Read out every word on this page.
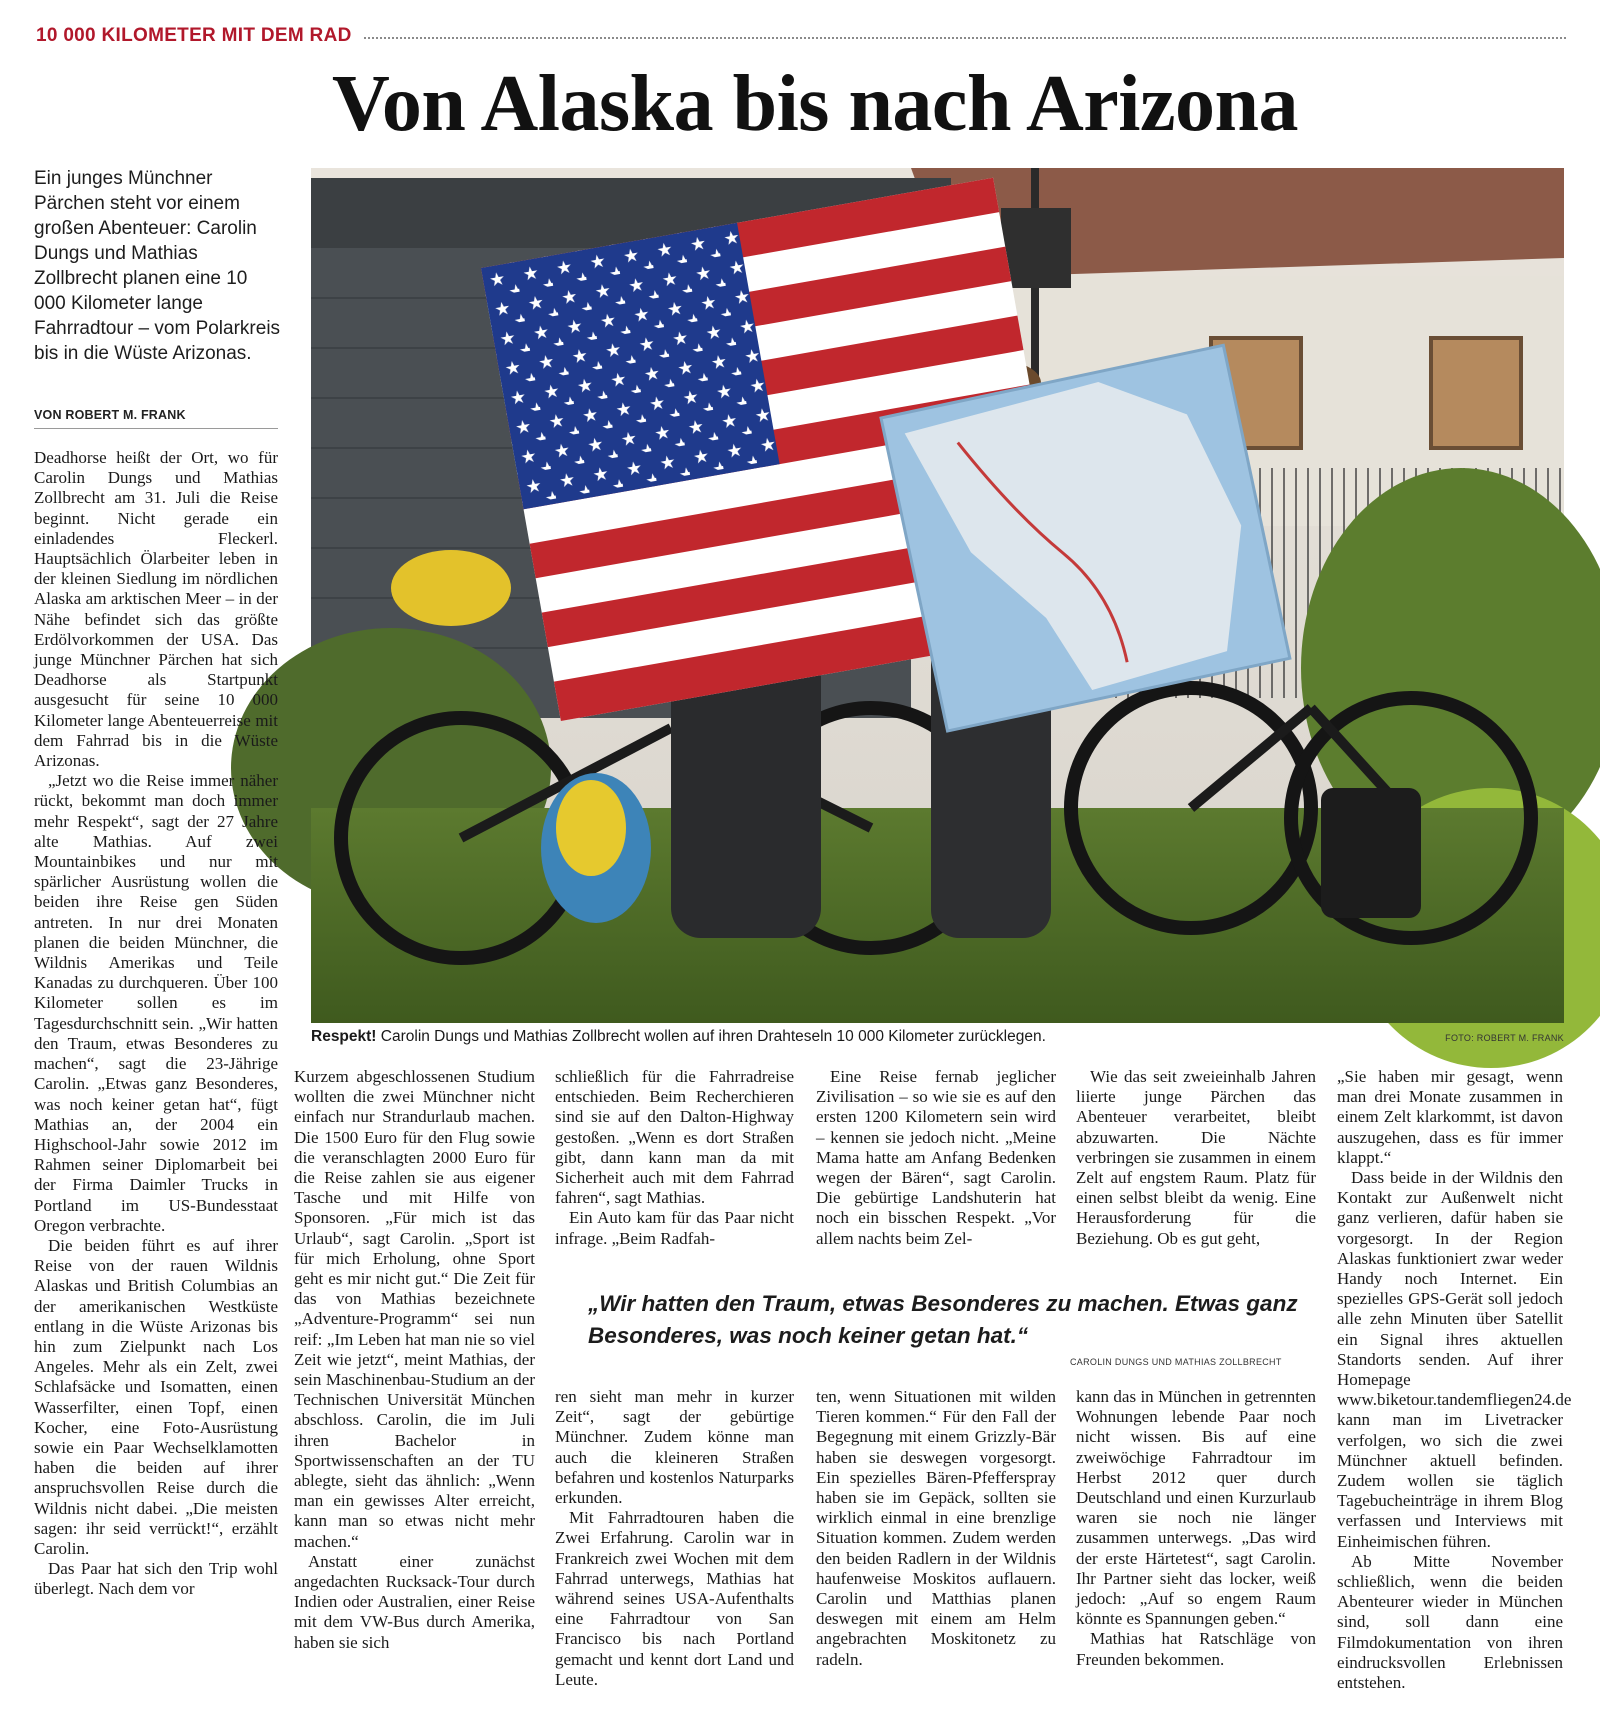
10 000 KILOMETER MIT DEM RAD
Von Alaska bis nach Arizona

Ein junges Münchner Pärchen steht vor einem großen Abenteuer: Carolin Dungs und Mathias Zollbrecht planen eine 10 000 Kilometer lange Fahrradtour – vom Polarkreis bis in die Wüste Arizonas.

VON ROBERT M. FRANK
Respekt! Carolin Dungs und Mathias Zollbrecht wollen auf ihren Drahteseln 10 000 Kilometer zurücklegen.	FOTO: ROBERT M. FRANK

Deadhorse heißt der Ort, wo für Carolin Dungs und Mathias Zollbrecht am 31. Juli die Reise beginnt. Nicht gerade ein einladendes Fleckerl. Hauptsächlich Ölarbeiter leben in der kleinen Siedlung im nördlichen Alaska am arktischen Meer – in der Nähe befindet sich das größte Erdölvorkommen der USA. Das junge Münchner Pärchen hat sich Deadhorse als Startpunkt ausgesucht für seine 10 000 Kilometer lange Abenteuerreise mit dem Fahrrad bis in die Wüste Arizonas.

„Jetzt wo die Reise immer näher rückt, bekommt man doch immer mehr Respekt“, sagt der 27 Jahre alte Mathias. Auf zwei Mountainbikes und nur mit spärlicher Ausrüstung wollen die beiden ihre Reise gen Süden antreten. In nur drei Monaten planen die beiden Münchner, die Wildnis Amerikas und Teile Kanadas zu durchqueren. Über 100 Kilometer sollen es im Tagesdurchschnitt sein. „Wir hatten den Traum, etwas Besonderes zu machen“, sagt die 23-Jährige Carolin. „Etwas ganz Besonderes, was noch keiner getan hat“, fügt Mathias an, der 2004 ein Highschool-Jahr sowie 2012 im Rahmen seiner Diplomarbeit bei der Firma Daimler Trucks in Portland im US-Bundesstaat Oregon verbrachte.

Die beiden führt es auf ihrer Reise von der rauen Wildnis Alaskas und British Columbias an der amerikanischen Westküste entlang in die Wüste Arizonas bis hin zum Zielpunkt nach Los Angeles. Mehr als ein Zelt, zwei Schlafsäcke und Isomatten, einen Wasserfilter, einen Topf, einen Kocher, eine Foto-Ausrüstung sowie ein Paar Wechselklamotten haben die beiden auf ihrer anspruchsvollen Reise durch die Wildnis nicht dabei. „Die meisten sagen: ihr seid verrückt!“, erzählt Carolin.

Das Paar hat sich den Trip wohl überlegt. Nach dem vor

Kurzem abgeschlossenen Studium wollten die zwei Münchner nicht einfach nur Strandurlaub machen. Die 1500 Euro für den Flug sowie die veranschlagten 2000 Euro für die Reise zahlen sie aus eigener Tasche und mit Hilfe von Sponsoren. „Für mich ist das Urlaub“, sagt Carolin. „Sport ist für mich Erholung, ohne Sport geht es mir nicht gut.“ Die Zeit für das von Mathias bezeichnete „Adventure-Programm“ sei nun reif: „Im Leben hat man nie so viel Zeit wie jetzt“, meint Mathias, der sein Maschinenbau-Studium an der Technischen Universität München abschloss. Carolin, die im Juli ihren Bachelor in Sportwissenschaften an der TU ablegte, sieht das ähnlich: „Wenn man ein gewisses Alter erreicht, kann man so etwas nicht mehr machen.“

Anstatt einer zunächst angedachten Rucksack-Tour durch Indien oder Australien, einer Reise mit dem VW-Bus durch Amerika, haben sie sich

schließlich für die Fahrradreise entschieden. Beim Recherchieren sind sie auf den Dalton-Highway gestoßen. „Wenn es dort Straßen gibt, dann kann man da mit Sicherheit auch mit dem Fahrrad fahren“, sagt Mathias.

Ein Auto kam für das Paar nicht infrage. „Beim Radfah-

Eine Reise fernab jeglicher Zivilisation – so wie sie es auf den ersten 1200 Kilometern sein wird – kennen sie jedoch nicht. „Meine Mama hatte am Anfang Bedenken wegen der Bären“, sagt Carolin. Die gebürtige Landshuterin hat noch ein bisschen Respekt. „Vor allem nachts beim Zel-

Wie das seit zweieinhalb Jahren liierte junge Pärchen das Abenteuer verarbeitet, bleibt abzuwarten. Die Nächte verbringen sie zusammen in einem Zelt auf engstem Raum. Platz für einen selbst bleibt da wenig. Eine Herausforderung für die Beziehung. Ob es gut geht,

„Wir hatten den Traum, etwas Besonderes zu machen. Etwas ganz Besonderes, was noch keiner getan hat.“
CAROLIN DUNGS UND MATHIAS ZOLLBRECHT

ren sieht man mehr in kurzer Zeit“, sagt der gebürtige Münchner. Zudem könne man auch die kleineren Straßen befahren und kostenlos Naturparks erkunden.

Mit Fahrradtouren haben die Zwei Erfahrung. Carolin war in Frankreich zwei Wochen mit dem Fahrrad unterwegs, Mathias hat während seines USA-Aufenthalts eine Fahrradtour von San Francisco bis nach Portland gemacht und kennt dort Land und Leute.

ten, wenn Situationen mit wilden Tieren kommen.“ Für den Fall der Begegnung mit einem Grizzly-Bär haben sie deswegen vorgesorgt. Ein spezielles Bären-Pfefferspray haben sie im Gepäck, sollten sie wirklich einmal in eine brenzlige Situation kommen. Zudem werden den beiden Radlern in der Wildnis haufenweise Moskitos auflauern. Carolin und Matthias planen deswegen mit einem am Helm angebrachten Moskitonetz zu radeln.

kann das in München in getrennten Wohnungen lebende Paar noch nicht wissen. Bis auf eine zweiwöchige Fahrradtour im Herbst 2012 quer durch Deutschland und einen Kurzurlaub waren sie noch nie länger zusammen unterwegs. „Das wird der erste Härtetest“, sagt Carolin. Ihr Partner sieht das locker, weiß jedoch: „Auf so engem Raum könnte es Spannungen geben.“

Mathias hat Ratschläge von Freunden bekommen.

„Sie haben mir gesagt, wenn man drei Monate zusammen in einem Zelt klarkommt, ist davon auszugehen, dass es für immer klappt.“

Dass beide in der Wildnis den Kontakt zur Außenwelt nicht ganz verlieren, dafür haben sie vorgesorgt. In der Region Alaskas funktioniert zwar weder Handy noch Internet. Ein spezielles GPS-Gerät soll jedoch alle zehn Minuten über Satellit ein Signal ihres aktuellen Standorts senden. Auf ihrer Homepage www.biketour.tandemfliegen24.de kann man im Livetracker verfolgen, wo sich die zwei Münchner aktuell befinden. Zudem wollen sie täglich Tagebucheinträge in ihrem Blog verfassen und Interviews mit Einheimischen führen.

Ab Mitte November schließlich, wenn die beiden Abenteurer wieder in München sind, soll dann eine Filmdokumentation von ihren eindrucksvollen Erlebnissen entstehen.
